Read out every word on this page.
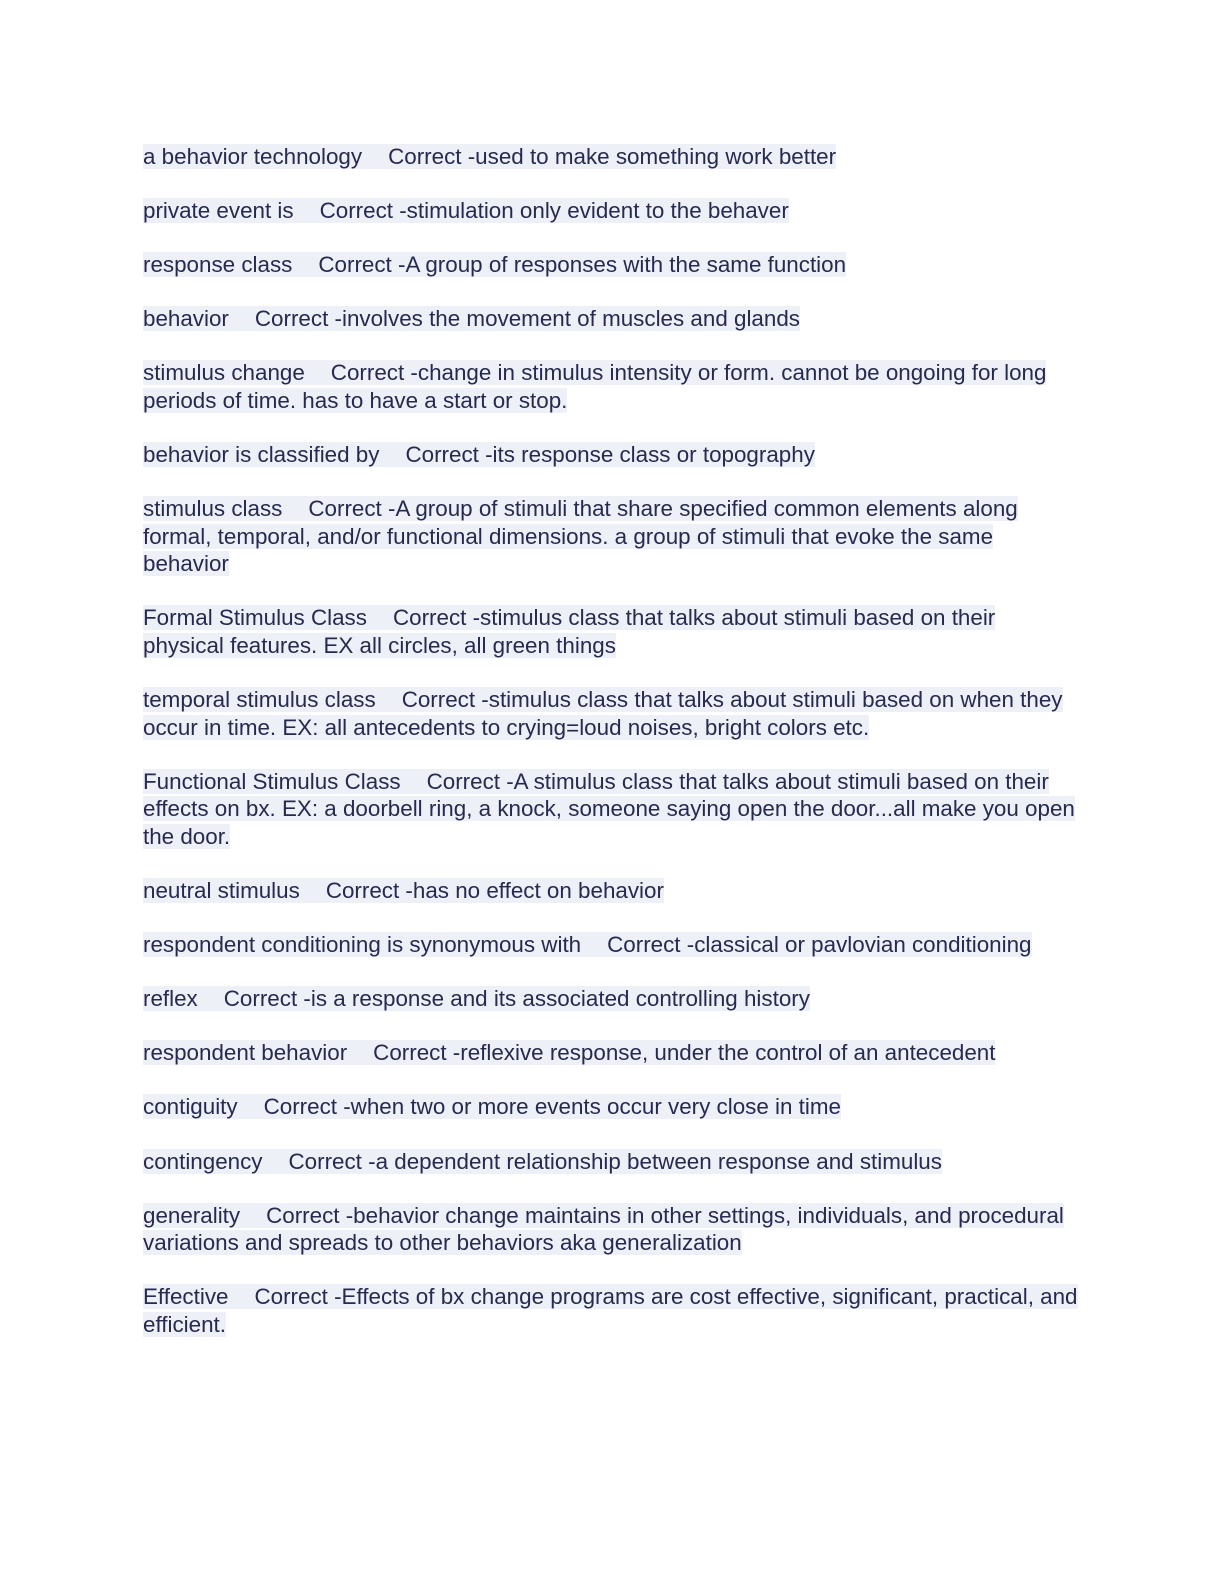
a behavior technology Correct -used to make something work better
private event is Correct -stimulation only evident to the behaver
response class Correct -A group of responses with the same function
behavior Correct -involves the movement of muscles and glands
stimulus change Correct -change in stimulus intensity or form. cannot be ongoing for long periods of time. has to have a start or stop.
behavior is classified by Correct -its response class or topography
stimulus class Correct -A group of stimuli that share specified common elements along formal, temporal, and/or functional dimensions. a group of stimuli that evoke the same behavior
Formal Stimulus Class Correct -stimulus class that talks about stimuli based on their physical features. EX all circles, all green things
temporal stimulus class Correct -stimulus class that talks about stimuli based on when they occur in time. EX: all antecedents to crying=loud noises, bright colors etc.
Functional Stimulus Class Correct -A stimulus class that talks about stimuli based on their effects on bx. EX: a doorbell ring, a knock, someone saying open the door...all make you open the door.
neutral stimulus Correct -has no effect on behavior
respondent conditioning is synonymous with Correct -classical or pavlovian conditioning
reflex Correct -is a response and its associated controlling history
respondent behavior Correct -reflexive response, under the control of an antecedent
contiguity Correct -when two or more events occur very close in time
contingency Correct -a dependent relationship between response and stimulus
generality Correct -behavior change maintains in other settings, individuals, and procedural variations and spreads to other behaviors aka generalization
Effective Correct -Effects of bx change programs are cost effective, significant, practical, and efficient.
